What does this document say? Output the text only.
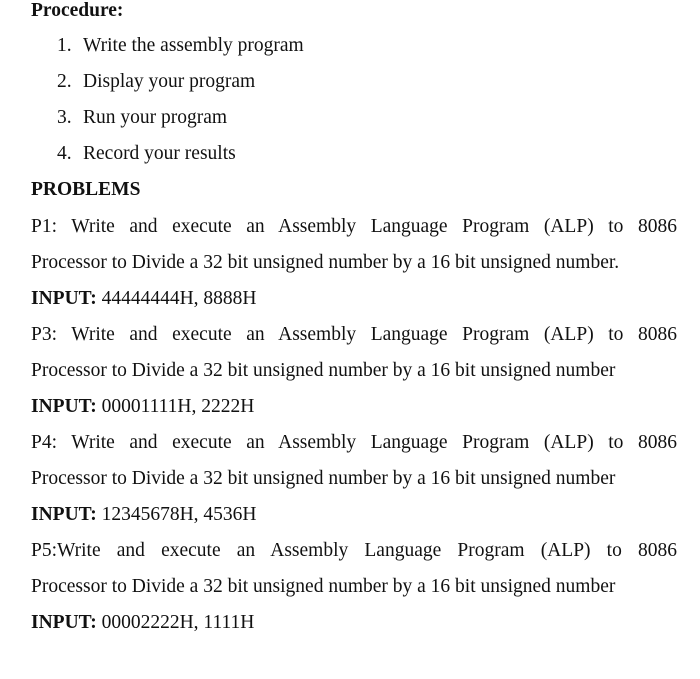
Procedure:
1. Write the assembly program
2. Display your program
3. Run your program
4. Record your results
PROBLEMS
P1: Write and execute an Assembly Language Program (ALP) to 8086
Processor to Divide a 32 bit unsigned number by a 16 bit unsigned number.
INPUT: 44444444H, 8888H
P3: Write and execute an Assembly Language Program (ALP) to 8086
Processor to Divide a 32 bit unsigned number by a 16 bit unsigned number
INPUT: 00001111H, 2222H
P4: Write and execute an Assembly Language Program (ALP) to 8086
Processor to Divide a 32 bit unsigned number by a 16 bit unsigned number
INPUT: 12345678H, 4536H
P5:Write and execute an Assembly Language Program (ALP) to 8086
Processor to Divide a 32 bit unsigned number by a 16 bit unsigned number
INPUT: 00002222H, 1111H
